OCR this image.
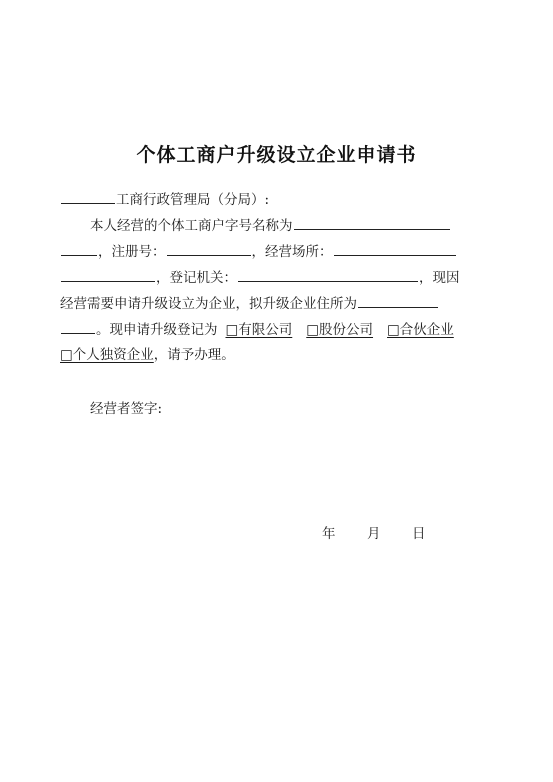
个体工商户升级设立企业申请书
工商行政管理局（分局）:
本人经营的个体工商户字号名称为
，注册号：	，经营场所：
，登记机关：	，现因
经营需要申请升级设立为企业，拟升级企业住所为
。现申请升级登记为 □有限公司 □股份公司 □合伙企业
□个人独资企业，请予办理。
经营者签字:
年 月 日
